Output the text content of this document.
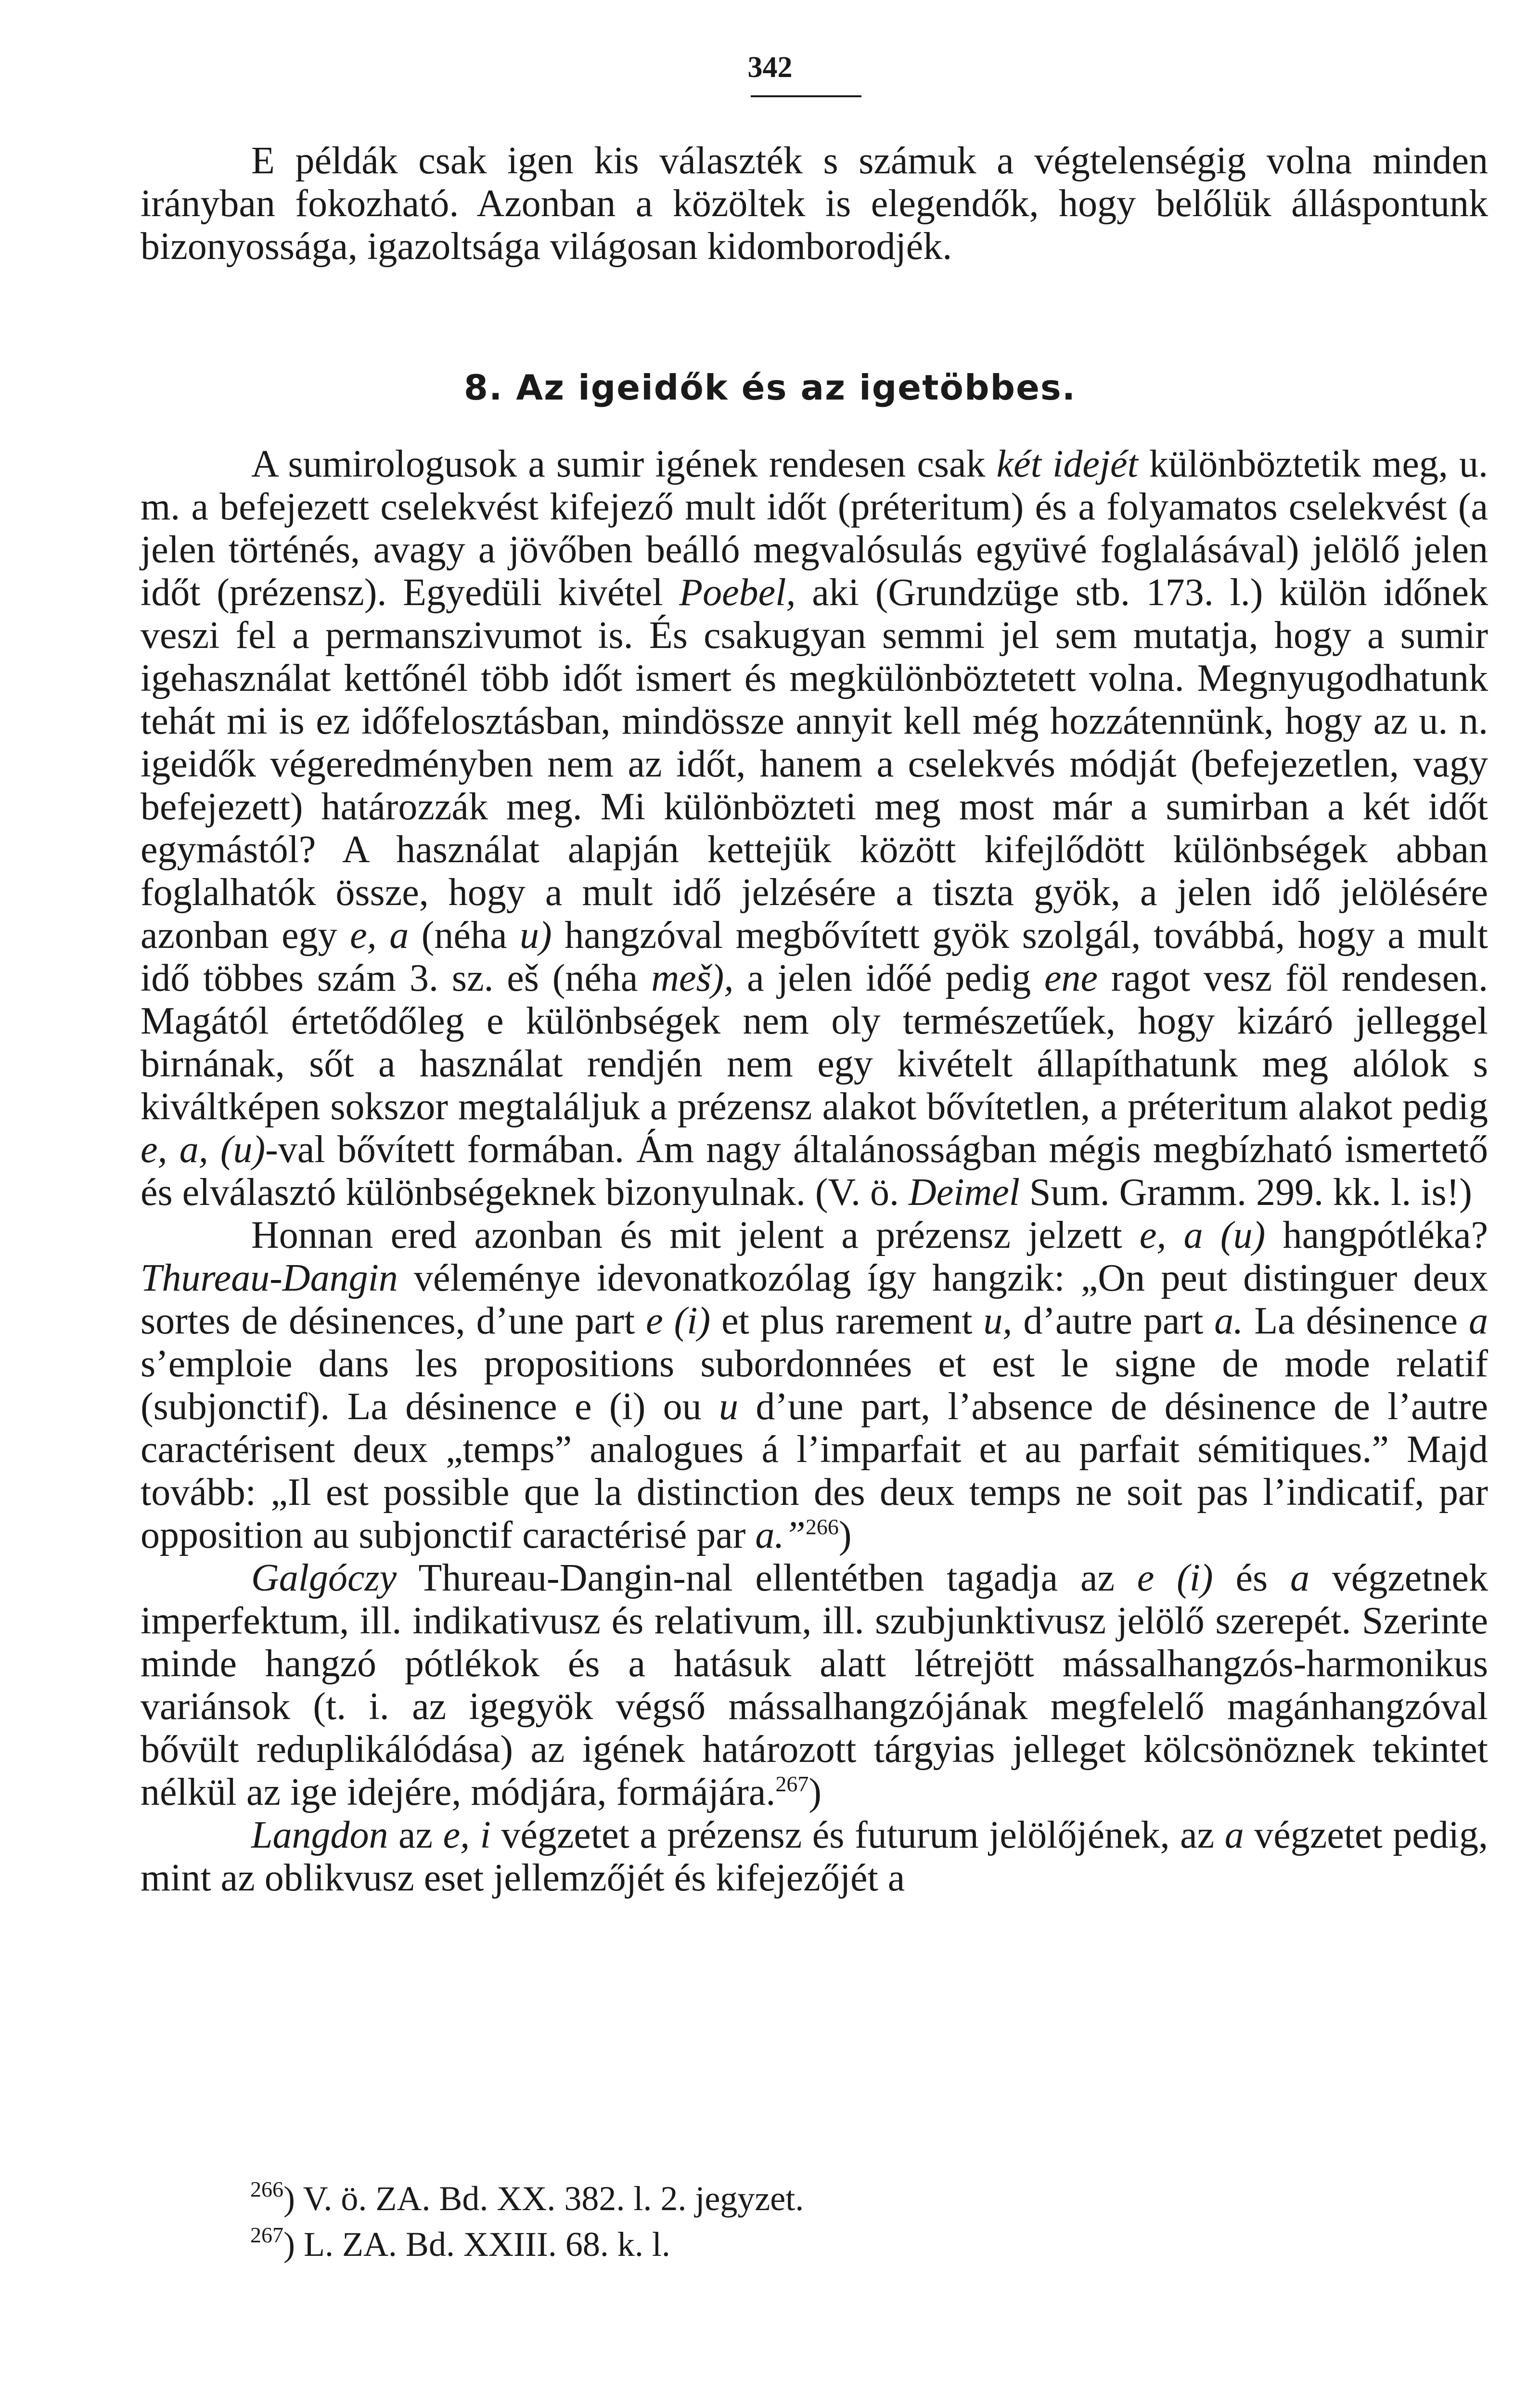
342

E példák csak igen kis választék s számuk a végtelenségig volna minden irányban fokozható. Azonban a közöltek is elegendők, hogy belőlük álláspontunk bizonyossága, igazoltsága világosan kidomborodjék.

8. Az igeidők és az igetöbbes.

A sumirologusok a sumir igének rendesen csak két idejét különböztetik meg, u. m. a befejezett cselekvést kifejező mult időt (préteritum) és a folyamatos cselekvést (a jelen történés, avagy a jövőben beálló megvalósulás együvé foglalásával) jelölő jelen időt (prézensz). Egyedüli kivétel Poebel, aki (Grundzüge stb. 173. l.) külön időnek veszi fel a permanszivumot is. És csakugyan semmi jel sem mutatja, hogy a sumir igehasználat kettőnél több időt ismert és megkülönböztetett volna. Megnyugodhatunk tehát mi is ez időfelosztásban, mindössze annyit kell még hozzátennünk, hogy az u. n. igeidők végeredményben nem az időt, hanem a cselekvés módját (befejezetlen, vagy befejezett) határozzák meg. Mi különbözteti meg most már a sumirban a két időt egymástól? A használat alapján kettejük között kifejlődött különbségek abban foglalhatók össze, hogy a mult idő jelzésére a tiszta gyök, a jelen idő jelölésére azonban egy e, a (néha u) hangzóval megbővített gyök szolgál, továbbá, hogy a mult idő többes szám 3. sz. eš (néha meš), a jelen időé pedig ene ragot vesz föl rendesen. Magától értetődőleg e különbségek nem oly természetűek, hogy kizáró jelleggel birnának, sőt a használat rendjén nem egy kivételt állapíthatunk meg alólok s kiváltképen sokszor megtaláljuk a prézensz alakot bővítetlen, a préteritum alakot pedig e, a, (u)-val bővített formában. Ám nagy általánosságban mégis megbízható ismertető és elválasztó különbségeknek bizonyulnak. (V. ö. Deimel Sum. Gramm. 299. kk. l. is!)

Honnan ered azonban és mit jelent a prézensz jelzett e, a (u) hangpótléka? Thureau-Dangin véleménye idevonatkozólag így hangzik: „On peut distinguer deux sortes de désinences, d’une part e (i) et plus rarement u, d’autre part a. La désinence a s’emploie dans les propositions subordonnées et est le signe de mode relatif (subjonctif). La désinence e (i) ou u d’une part, l’absence de désinence de l’autre caractérisent deux „temps” analogues á l’imparfait et au parfait sémitiques.” Majd tovább: „Il est possible que la distinction des deux temps ne soit pas l’indicatif, par opposition au subjonctif caractérisé par a.”$^{266}$)

Galgóczy Thureau-Dangin-nal ellentétben tagadja az e (i) és a végzetnek imperfektum, ill. indikativusz és relativum, ill. szubjunktivusz jelölő szerepét. Szerinte minde hangzó pótlékok és a hatásuk alatt létrejött mássalhangzós-harmonikus variánsok (t. i. az igegyök végső mássalhangzójának megfelelő magánhangzóval bővült reduplikálódása) az igének határozott tárgyias jelleget kölcsönöznek tekintet nélkül az ige idejére, módjára, formájára.$^{267}$)

Langdon az e, i végzetet a prézensz és futurum jelölőjének, az a végzetet pedig, mint az oblikvusz eset jellemzőjét és kifejezőjét a

$^{266}$) V. ö. ZA. Bd. XX. 382. l. 2. jegyzet.
$^{267}$) L. ZA. Bd. XXIII. 68. k. l.
